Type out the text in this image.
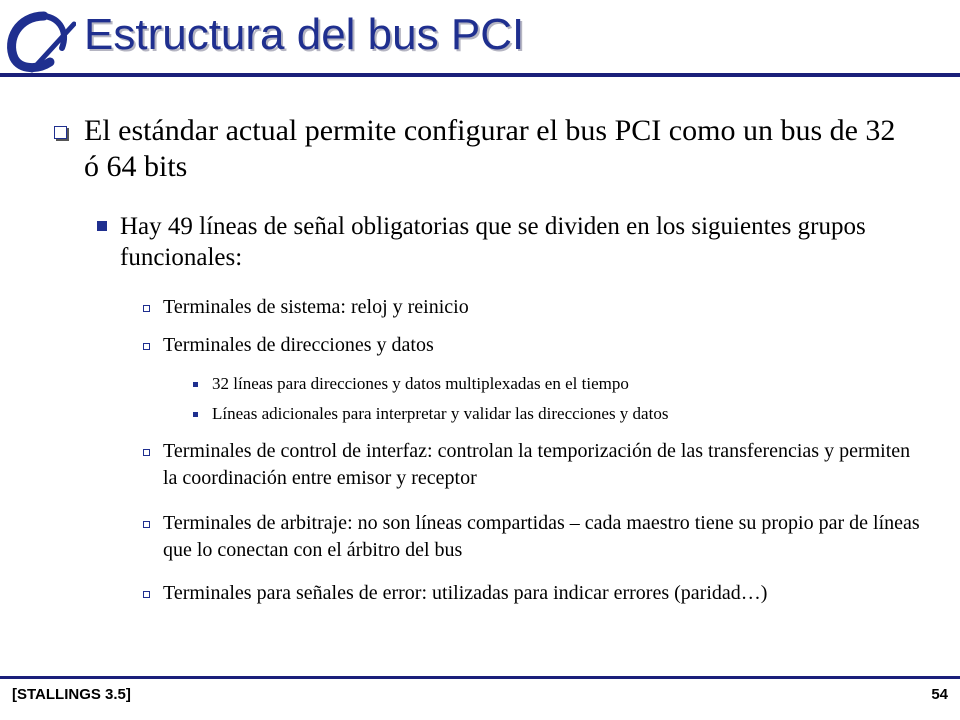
Estructura del bus PCI
El estándar actual permite configurar el bus PCI como un bus de 32 ó 64 bits
Hay 49 líneas de señal obligatorias que se dividen en los siguientes grupos funcionales:
Terminales de sistema: reloj y reinicio
Terminales de direcciones y datos
32 líneas para direcciones y datos multiplexadas en el tiempo
Líneas adicionales para interpretar y validar las direcciones y datos
Terminales de control de interfaz: controlan la temporización de las transferencias y permiten la coordinación entre emisor y receptor
Terminales de arbitraje: no son líneas compartidas – cada maestro tiene su propio par de líneas que lo conectan con el árbitro del bus
Terminales para señales de error: utilizadas para indicar errores (paridad…)
[STALLINGS 3.5]	54
